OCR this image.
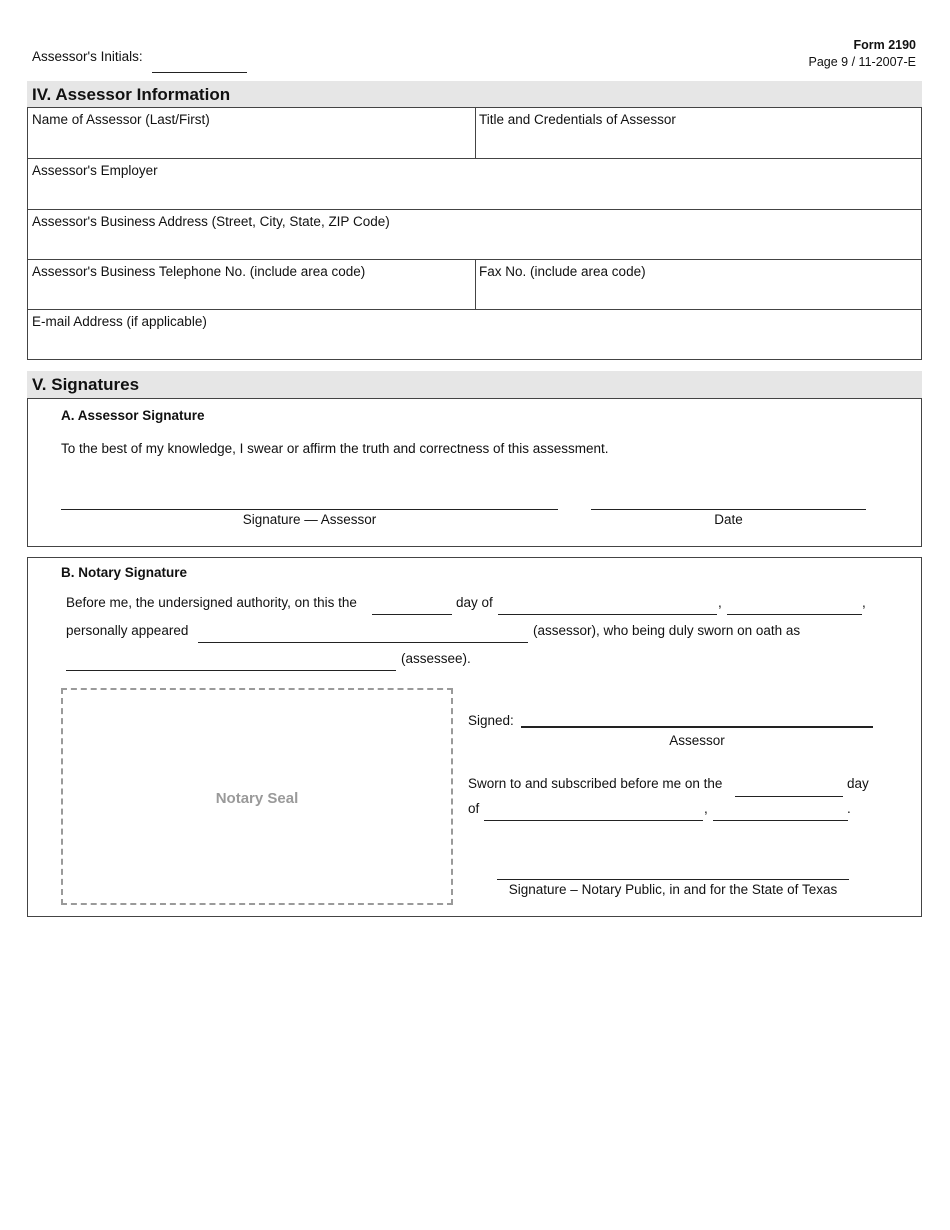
Assessor's Initials:
Form 2190
Page 9 / 11-2007-E
IV. Assessor Information
Name of Assessor (Last/First)	Title and Credentials of Assessor
Assessor's Employer
Assessor's Business Address (Street, City, State, ZIP Code)
Assessor's Business Telephone No. (include area code)	Fax No. (include area code)
E-mail Address (if applicable)
V. Signatures
A. Assessor Signature
To the best of my knowledge, I swear or affirm the truth and correctness of this assessment.
Signature — Assessor	Date
B. Notary Signature
Before me, the undersigned authority, on this the	day of	,	,
personally appeared	(assessor), who being duly sworn on oath as
(assessee).
Notary Seal
Signed:
Assessor
Sworn to and subscribed before me on the	day
of	,	.
Signature – Notary Public, in and for the State of Texas
